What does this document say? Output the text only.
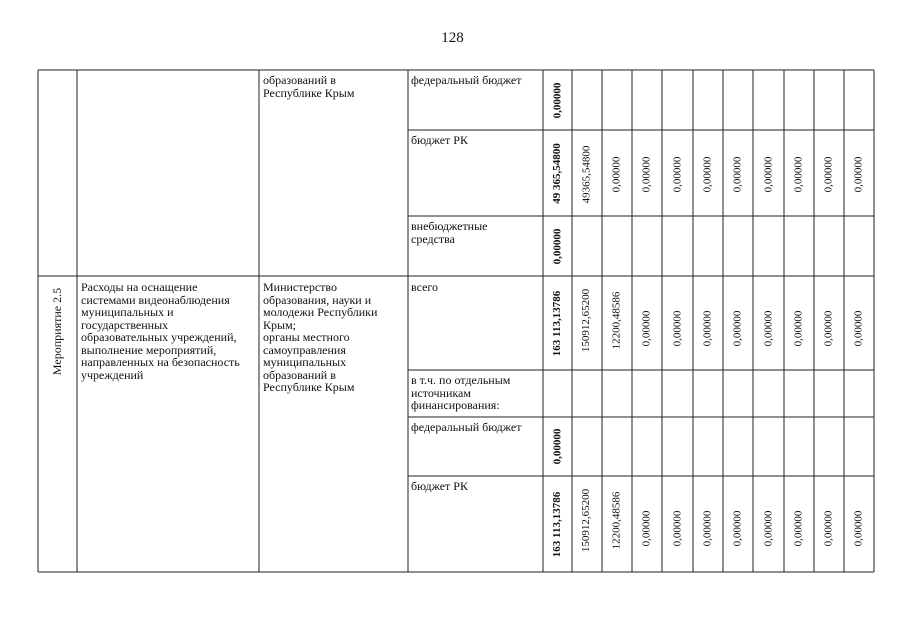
128
образований в
Республике Крым
федеральный бюджет
0,00000
бюджет РК
49 365,54800 49365,54800 0,00000 0,00000 0,00000 0,00000 0,00000 0,00000 0,00000 0,00000 0,00000
внебюджетные
средства	0,00000
Мероприятие 2.5
Расходы на оснащение
системами видеонаблюдения
муниципальных и
государственных
образовательных учреждений,
выполнение мероприятий,
направленных на безопасность
учреждений
Министерство
образования, науки и
молодежи Республики
Крым;
органы местного
самоуправления
муниципальных
образований в
Республике Крым
всего
163 113,13786 150912,65200 12200,48586 0,00000 0,00000 0,00000 0,00000 0,00000 0,00000 0,00000 0,00000
в т.ч. по отдельным
источникам
финансирования:
федеральный бюджет
0,00000
бюджет РК
163 113,13786 150912,65200 12200,48586 0,00000 0,00000 0,00000 0,00000 0,00000 0,00000 0,00000 0,00000
